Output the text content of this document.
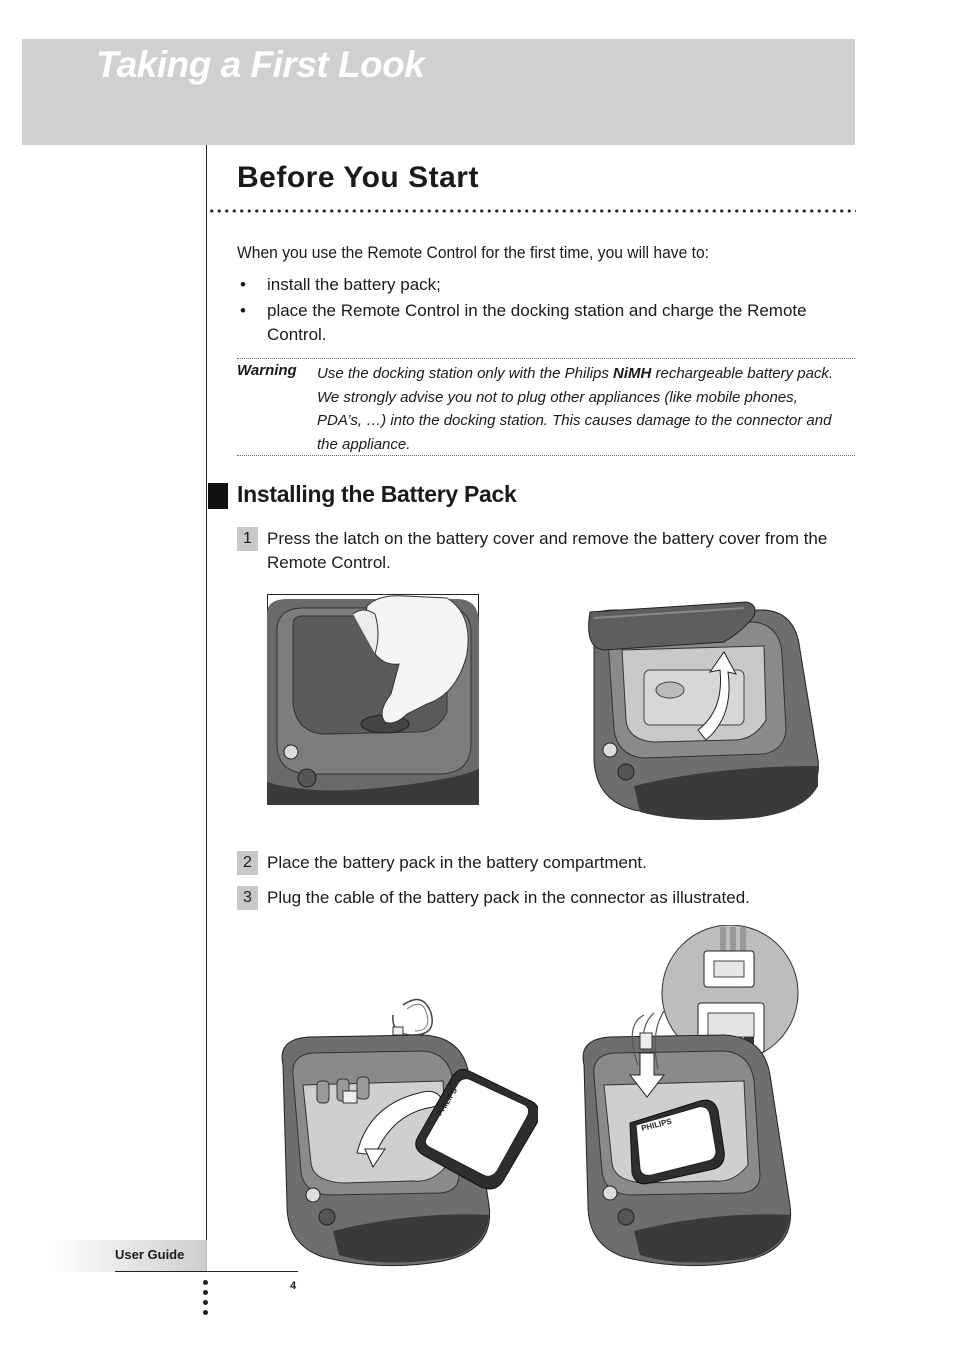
Taking a First Look
Before You Start
When you use the Remote Control for the first time, you will have to:
• install the battery pack;
• place the Remote Control in the docking station and charge the Remote Control.
Warning Use the docking station only with the Philips NiMH rechargeable battery pack. We strongly advise you not to plug other appliances (like mobile phones, PDA’s, …) into the docking station. This causes damage to the connector and the appliance.
Installing the Battery Pack
1 Press the latch on the battery cover and remove the battery cover from the Remote Control.
2 Place the battery pack in the battery compartment.
3 Plug the cable of the battery pack in the connector as illustrated.
PHILIPS
PHILIPS
User Guide
4
